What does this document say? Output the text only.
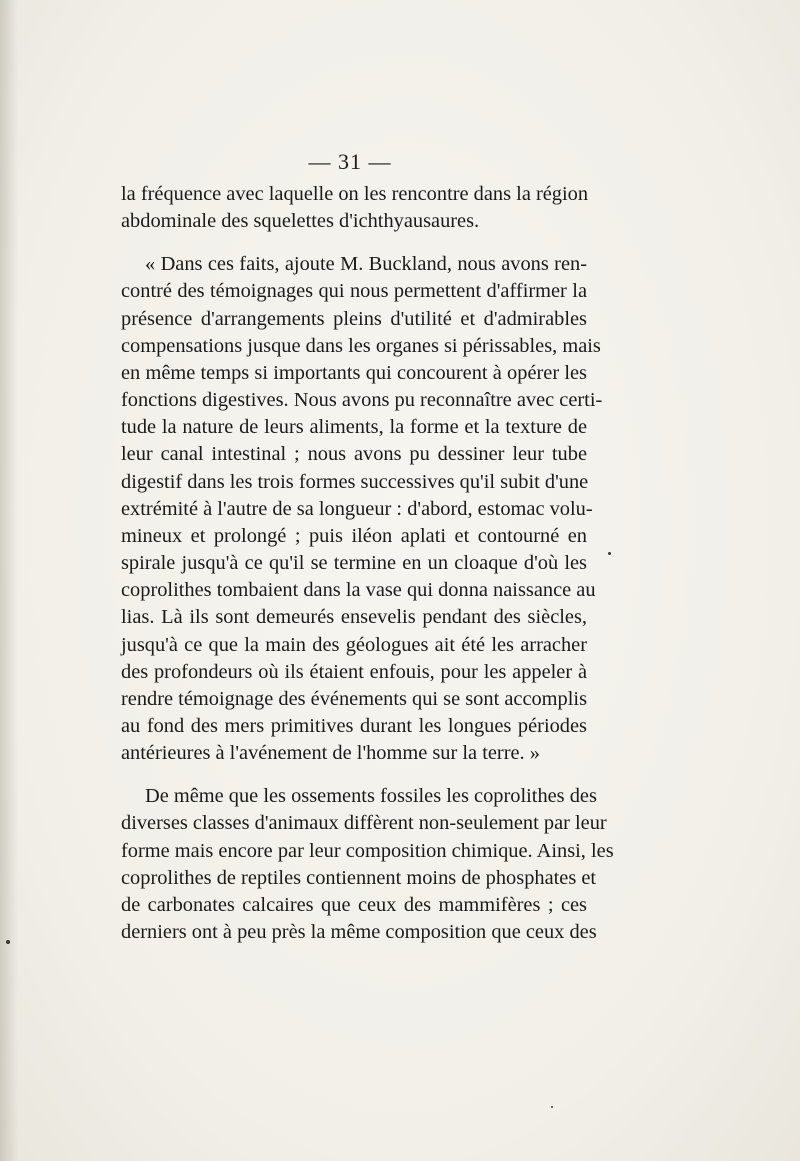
— 31 —

la fréquence avec laquelle on les rencontre dans la région
abdominale des squelettes d'ichthyausaures.

« Dans ces faits, ajoute M. Buckland, nous avons ren-
contré des témoignages qui nous permettent d'affirmer la
présence d'arrangements pleins d'utilité et d'admirables
compensations jusque dans les organes si périssables, mais
en même temps si importants qui concourent à opérer les
fonctions digestives. Nous avons pu reconnaître avec certi-
tude la nature de leurs aliments, la forme et la texture de
leur canal intestinal ; nous avons pu dessiner leur tube
digestif dans les trois formes successives qu'il subit d'une
extrémité à l'autre de sa longueur : d'abord, estomac volu-
mineux et prolongé ; puis iléon aplati et contourné en
spirale jusqu'à ce qu'il se termine en un cloaque d'où les
coprolithes tombaient dans la vase qui donna naissance au
lias. Là ils sont demeurés ensevelis pendant des siècles,
jusqu'à ce que la main des géologues ait été les arracher
des profondeurs où ils étaient enfouis, pour les appeler à
rendre témoignage des événements qui se sont accomplis
au fond des mers primitives durant les longues périodes
antérieures à l'avénement de l'homme sur la terre. »

De même que les ossements fossiles les coprolithes des
diverses classes d'animaux diffèrent non-seulement par leur
forme mais encore par leur composition chimique. Ainsi, les
coprolithes de reptiles contiennent moins de phosphates et
de carbonates calcaires que ceux des mammifères ; ces
derniers ont à peu près la même composition que ceux des
